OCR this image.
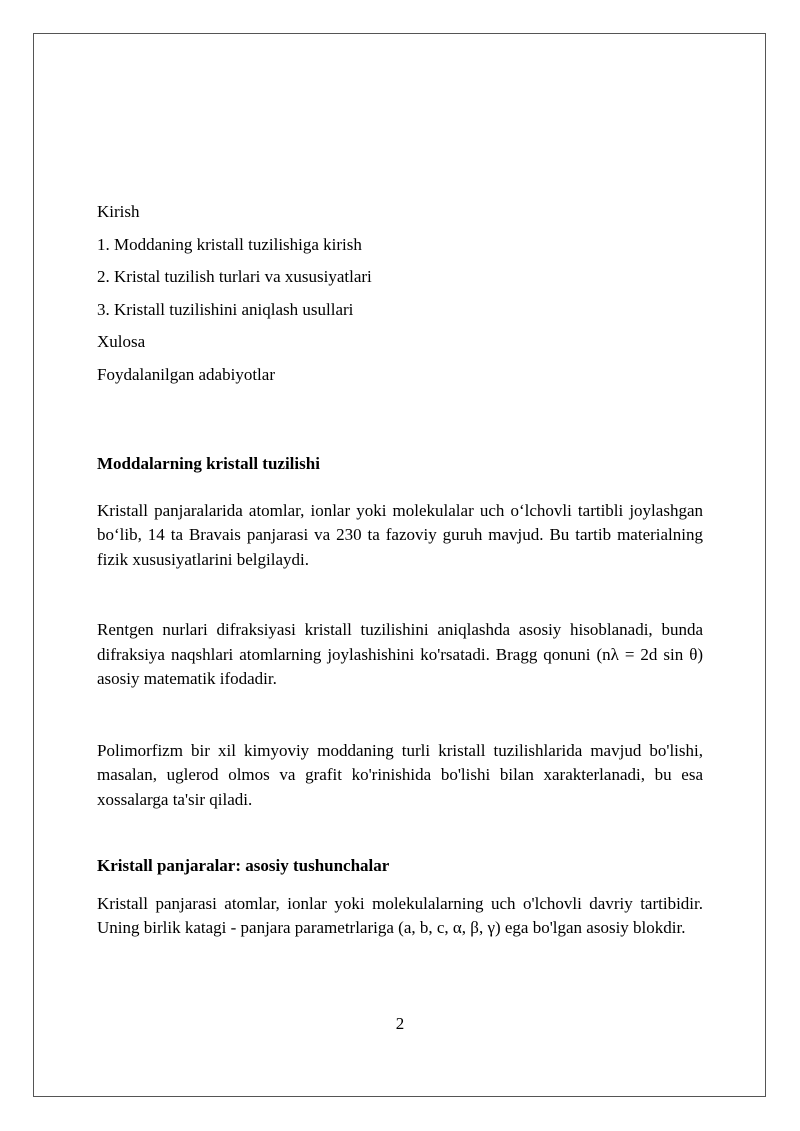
Kirish

1. Moddaning kristall tuzilishiga kirish

2. Kristal tuzilish turlari va xususiyatlari

3. Kristall tuzilishini aniqlash usullari

Xulosa

Foydalanilgan adabiyotlar

Moddalarning kristall tuzilishi

Kristall panjaralarida atomlar, ionlar yoki molekulalar uch o‘lchovli tartibli joylashgan bo‘lib, 14 ta Bravais panjarasi va 230 ta fazoviy guruh mavjud. Bu tartib materialning fizik xususiyatlarini belgilaydi.

Rentgen nurlari difraksiyasi kristall tuzilishini aniqlashda asosiy hisoblanadi, bunda difraksiya naqshlari atomlarning joylashishini ko'rsatadi. Bragg qonuni (nλ = 2d sin θ) asosiy matematik ifodadir.

Polimorfizm bir xil kimyoviy moddaning turli kristall tuzilishlarida mavjud bo'lishi, masalan, uglerod olmos va grafit ko'rinishida bo'lishi bilan xarakterlanadi, bu esa xossalarga ta'sir qiladi.

Kristall panjaralar: asosiy tushunchalar

Kristall panjarasi atomlar, ionlar yoki molekulalarning uch o'lchovli davriy tartibidir. Uning birlik katagi - panjara parametrlariga (a, b, c, α, β, γ) ega bo'lgan asosiy blokdir.

2
